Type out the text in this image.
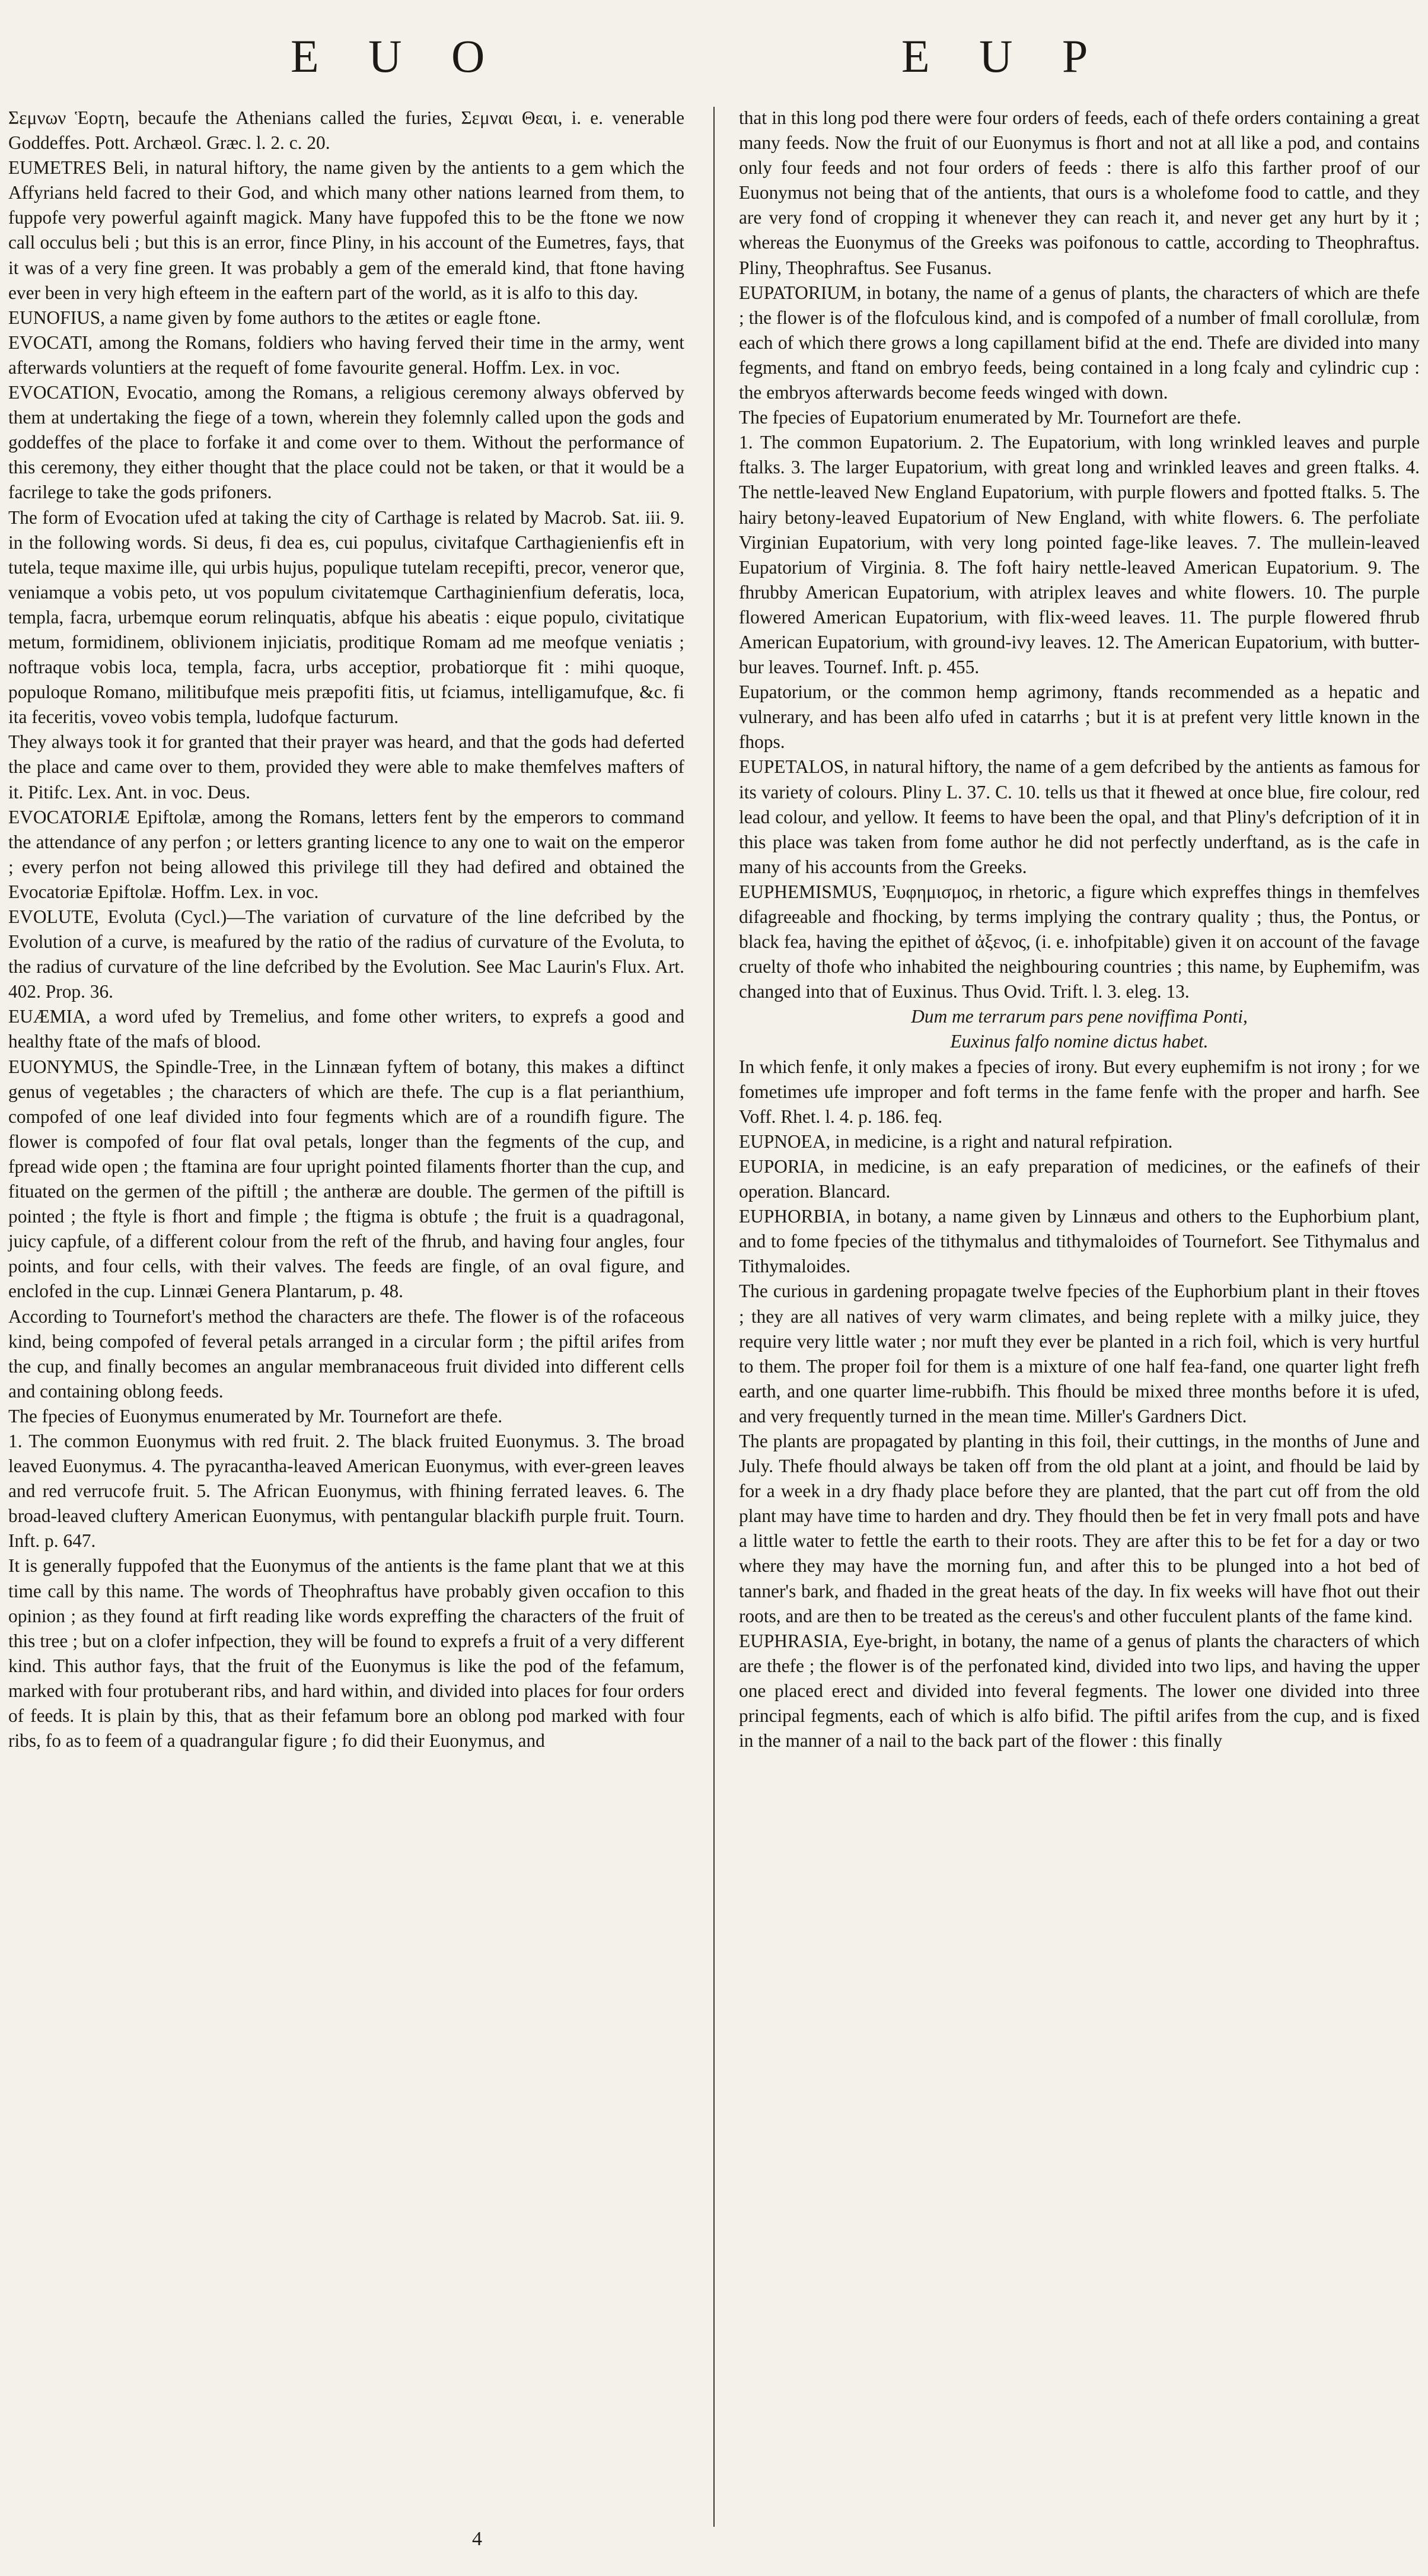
E U O	E U P

Σεμνων Ἑορτη, becaufe the Athenians called the furies, Σεμναι Θεαι, i. e. venerable Goddeffes. Pott. Archæol. Græc. l. 2. c. 20.

EUMETRES Beli, in natural hiftory, the name given by the antients to a gem which the Affyrians held facred to their God, and which many other nations learned from them, to fuppofe very powerful againft magick. Many have fuppofed this to be the ftone we now call occulus beli ; but this is an error, fince Pliny, in his account of the Eumetres, fays, that it was of a very fine green. It was probably a gem of the emerald kind, that ftone having ever been in very high efteem in the eaftern part of the world, as it is alfo to this day.

EUNOFIUS, a name given by fome authors to the ætites or eagle ftone.

EVOCATI, among the Romans, foldiers who having ferved their time in the army, went afterwards voluntiers at the requeft of fome favourite general. Hoffm. Lex. in voc.

EVOCATION, Evocatio, among the Romans, a religious ceremony always obferved by them at undertaking the fiege of a town, wherein they folemnly called upon the gods and goddeffes of the place to forfake it and come over to them. Without the performance of this ceremony, they either thought that the place could not be taken, or that it would be a facrilege to take the gods prifoners.

The form of Evocation ufed at taking the city of Carthage is related by Macrob. Sat. iii. 9. in the following words. Si deus, fi dea es, cui populus, civitafque Carthagienienfis eft in tutela, teque maxime ille, qui urbis hujus, populique tutelam recepifti, precor, veneror que, veniamque a vobis peto, ut vos populum civitatemque Carthaginienfium deferatis, loca, templa, facra, urbemque eorum relinquatis, abfque his abeatis : eique populo, civitatique metum, formidinem, oblivionem injiciatis, proditique Romam ad me meofque veniatis ; noftraque vobis loca, templa, facra, urbs acceptior, probatiorque fit : mihi quoque, populoque Romano, militibufque meis præpofiti fitis, ut fciamus, intelligamufque, &c. fi ita feceritis, voveo vobis templa, ludofque facturum.

They always took it for granted that their prayer was heard, and that the gods had deferted the place and came over to them, provided they were able to make themfelves mafters of it. Pitifc. Lex. Ant. in voc. Deus.

EVOCATORIÆ Epiftolæ, among the Romans, letters fent by the emperors to command the attendance of any perfon ; or letters granting licence to any one to wait on the emperor ; every perfon not being allowed this privilege till they had defired and obtained the Evocatoriæ Epiftolæ. Hoffm. Lex. in voc.

EVOLUTE, Evoluta (Cycl.)—The variation of curvature of the line defcribed by the Evolution of a curve, is meafured by the ratio of the radius of curvature of the Evoluta, to the radius of curvature of the line defcribed by the Evolution. See Mac Laurin's Flux. Art. 402. Prop. 36.

EUÆMIA, a word ufed by Tremelius, and fome other writers, to exprefs a good and healthy ftate of the mafs of blood.

EUONYMUS, the Spindle-Tree, in the Linnæan fyftem of botany, this makes a diftinct genus of vegetables ; the characters of which are thefe. The cup is a flat perianthium, compofed of one leaf divided into four fegments which are of a roundifh figure. The flower is compofed of four flat oval petals, longer than the fegments of the cup, and fpread wide open ; the ftamina are four upright pointed filaments fhorter than the cup, and fituated on the germen of the piftill ; the antheræ are double. The germen of the piftill is pointed ; the ftyle is fhort and fimple ; the ftigma is obtufe ; the fruit is a quadragonal, juicy capfule, of a different colour from the reft of the fhrub, and having four angles, four points, and four cells, with their valves. The feeds are fingle, of an oval figure, and enclofed in the cup. Linnæi Genera Plantarum, p. 48.

According to Tournefort's method the characters are thefe. The flower is of the rofaceous kind, being compofed of feveral petals arranged in a circular form ; the piftil arifes from the cup, and finally becomes an angular membranaceous fruit divided into different cells and containing oblong feeds.

The fpecies of Euonymus enumerated by Mr. Tournefort are thefe.

1. The common Euonymus with red fruit. 2. The black fruited Euonymus. 3. The broad leaved Euonymus. 4. The pyracantha-leaved American Euonymus, with ever-green leaves and red verrucofe fruit. 5. The African Euonymus, with fhining ferrated leaves. 6. The broad-leaved cluftery American Euonymus, with pentangular blackifh purple fruit. Tourn. Inft. p. 647.

It is generally fuppofed that the Euonymus of the antients is the fame plant that we at this time call by this name. The words of Theophraftus have probably given occafion to this opinion ; as they found at firft reading like words expreffing the characters of the fruit of this tree ; but on a clofer infpection, they will be found to exprefs a fruit of a very different kind. This author fays, that the fruit of the Euonymus is like the pod of the fefamum, marked with four protuberant ribs, and hard within, and divided into places for four orders of feeds. It is plain by this, that as their fefamum bore an oblong pod marked with four ribs, fo as to feem of a quadrangular figure ; fo did their Euonymus, and

that in this long pod there were four orders of feeds, each of thefe orders containing a great many feeds. Now the fruit of our Euonymus is fhort and not at all like a pod, and contains only four feeds and not four orders of feeds : there is alfo this farther proof of our Euonymus not being that of the antients, that ours is a wholefome food to cattle, and they are very fond of cropping it whenever they can reach it, and never get any hurt by it ; whereas the Euonymus of the Greeks was poifonous to cattle, according to Theophraftus. Pliny, Theophraftus. See Fusanus.

EUPATORIUM, in botany, the name of a genus of plants, the characters of which are thefe ; the flower is of the flofculous kind, and is compofed of a number of fmall corollulæ, from each of which there grows a long capillament bifid at the end. Thefe are divided into many fegments, and ftand on embryo feeds, being contained in a long fcaly and cylindric cup : the embryos afterwards become feeds winged with down.

The fpecies of Eupatorium enumerated by Mr. Tournefort are thefe.

1. The common Eupatorium. 2. The Eupatorium, with long wrinkled leaves and purple ftalks. 3. The larger Eupatorium, with great long and wrinkled leaves and green ftalks. 4. The nettle-leaved New England Eupatorium, with purple flowers and fpotted ftalks. 5. The hairy betony-leaved Eupatorium of New England, with white flowers. 6. The perfoliate Virginian Eupatorium, with very long pointed fage-like leaves. 7. The mullein-leaved Eupatorium of Virginia. 8. The foft hairy nettle-leaved American Eupatorium. 9. The fhrubby American Eupatorium, with atriplex leaves and white flowers. 10. The purple flowered American Eupatorium, with flix-weed leaves. 11. The purple flowered fhrub American Eupatorium, with ground-ivy leaves. 12. The American Eupatorium, with butter-bur leaves. Tournef. Inft. p. 455.

Eupatorium, or the common hemp agrimony, ftands recommended as a hepatic and vulnerary, and has been alfo ufed in catarrhs ; but it is at prefent very little known in the fhops.

EUPETALOS, in natural hiftory, the name of a gem defcribed by the antients as famous for its variety of colours. Pliny L. 37. C. 10. tells us that it fhewed at once blue, fire colour, red lead colour, and yellow. It feems to have been the opal, and that Pliny's defcription of it in this place was taken from fome author he did not perfectly underftand, as is the cafe in many of his accounts from the Greeks.

EUPHEMISMUS, Ἐυφημισμος, in rhetoric, a figure which expreffes things in themfelves difagreeable and fhocking, by terms implying the contrary quality ; thus, the Pontus, or black fea, having the epithet of ἀξενος, (i. e. inhofpitable) given it on account of the favage cruelty of thofe who inhabited the neighbouring countries ; this name, by Euphemifm, was changed into that of Euxinus. Thus Ovid. Trift. l. 3. eleg. 13.

Dum me terrarum pars pene noviffima Ponti,

Euxinus falfo nomine dictus habet.

In which fenfe, it only makes a fpecies of irony. But every euphemifm is not irony ; for we fometimes ufe improper and foft terms in the fame fenfe with the proper and harfh. See Voff. Rhet. l. 4. p. 186. feq.

EUPNOEA, in medicine, is a right and natural refpiration.

EUPORIA, in medicine, is an eafy preparation of medicines, or the eafinefs of their operation. Blancard.

EUPHORBIA, in botany, a name given by Linnæus and others to the Euphorbium plant, and to fome fpecies of the tithymalus and tithymaloides of Tournefort. See Tithymalus and Tithymaloides.

The curious in gardening propagate twelve fpecies of the Euphorbium plant in their ftoves ; they are all natives of very warm climates, and being replete with a milky juice, they require very little water ; nor muft they ever be planted in a rich foil, which is very hurtful to them. The proper foil for them is a mixture of one half fea-fand, one quarter light frefh earth, and one quarter lime-rubbifh. This fhould be mixed three months before it is ufed, and very frequently turned in the mean time. Miller's Gardners Dict.

The plants are propagated by planting in this foil, their cuttings, in the months of June and July. Thefe fhould always be taken off from the old plant at a joint, and fhould be laid by for a week in a dry fhady place before they are planted, that the part cut off from the old plant may have time to harden and dry. They fhould then be fet in very fmall pots and have a little water to fettle the earth to their roots. They are after this to be fet for a day or two where they may have the morning fun, and after this to be plunged into a hot bed of tanner's bark, and fhaded in the great heats of the day. In fix weeks will have fhot out their roots, and are then to be treated as the cereus's and other fucculent plants of the fame kind.

EUPHRASIA, Eye-bright, in botany, the name of a genus of plants the characters of which are thefe ; the flower is of the perfonated kind, divided into two lips, and having the upper one placed erect and divided into feveral fegments. The lower one divided into three principal fegments, each of which is alfo bifid. The piftil arifes from the cup, and is fixed in the manner of a nail to the back part of the flower : this finally

4
